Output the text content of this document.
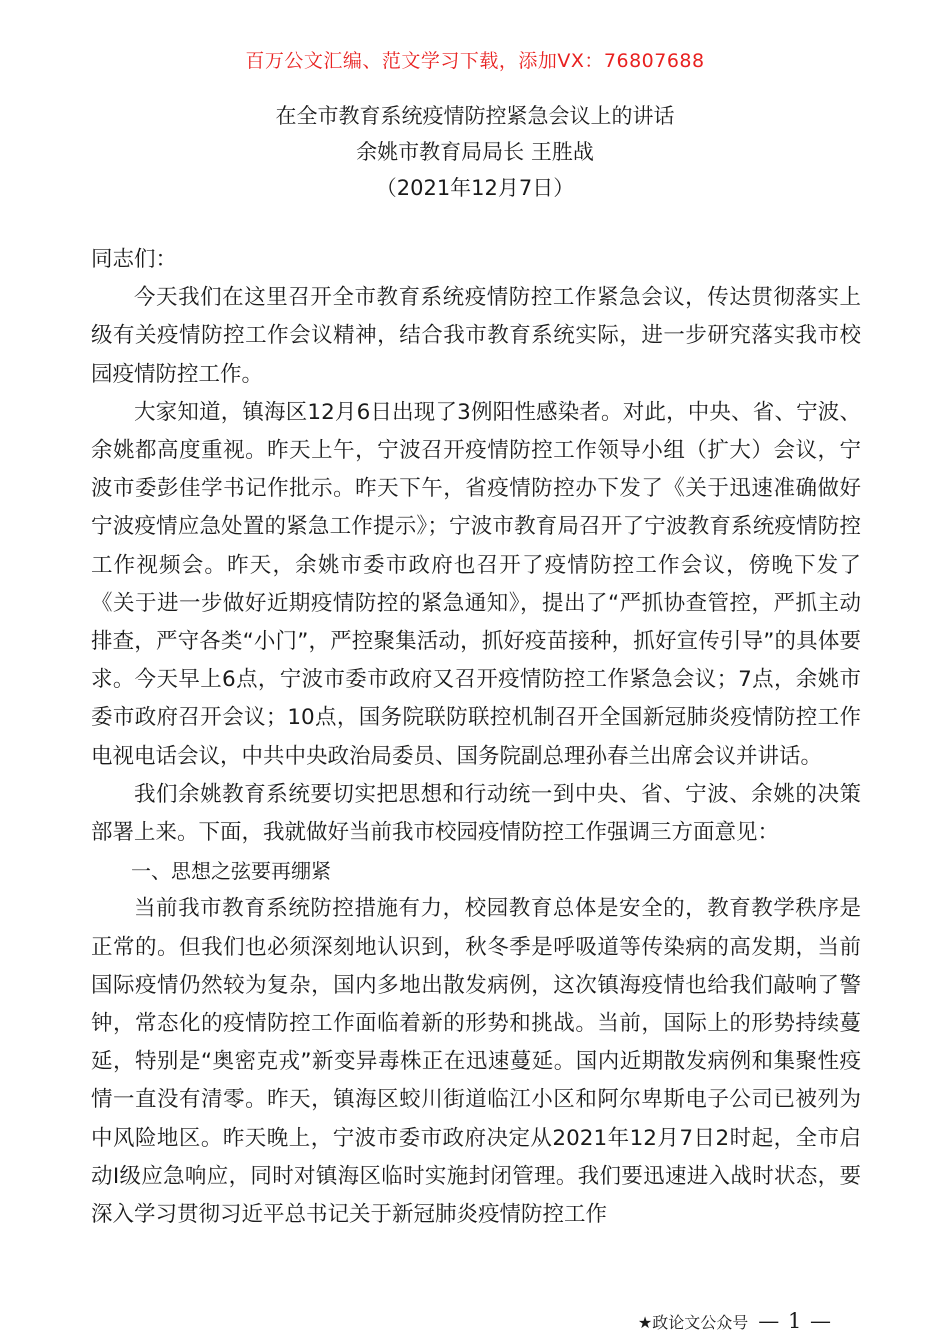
百万公文汇编、范文学习下载，添加VX：76807688
在全市教育系统疫情防控紧急会议上的讲话
余姚市教育局局长 王胜战
（2021年12月7日）

同志们：

今天我们在这里召开全市教育系统疫情防控工作紧急会议，传达贯彻落实上级有关疫情防控工作会议精神，结合我市教育系统实际，进一步研究落实我市校园疫情防控工作。

大家知道，镇海区12月6日出现了3例阳性感染者。对此，中央、省、宁波、余姚都高度重视。昨天上午，宁波召开疫情防控工作领导小组（扩大）会议，宁波市委彭佳学书记作批示。昨天下午，省疫情防控办下发了《关于迅速准确做好宁波疫情应急处置的紧急工作提示》；宁波市教育局召开了宁波教育系统疫情防控工作视频会。昨天，余姚市委市政府也召开了疫情防控工作会议，傍晚下发了《关于进一步做好近期疫情防控的紧急通知》，提出了“严抓协查管控，严抓主动排查，严守各类“小门”，严控聚集活动，抓好疫苗接种，抓好宣传引导”的具体要求。今天早上6点，宁波市委市政府又召开疫情防控工作紧急会议；7点，余姚市委市政府召开会议；10点，国务院联防联控机制召开全国新冠肺炎疫情防控工作电视电话会议，中共中央政治局委员、国务院副总理孙春兰出席会议并讲话。

我们余姚教育系统要切实把思想和行动统一到中央、省、宁波、余姚的决策部署上来。下面，我就做好当前我市校园疫情防控工作强调三方面意见：

一、思想之弦要再绷紧

当前我市教育系统防控措施有力，校园教育总体是安全的，教育教学秩序是正常的。但我们也必须深刻地认识到，秋冬季是呼吸道等传染病的高发期，当前国际疫情仍然较为复杂，国内多地出散发病例，这次镇海疫情也给我们敲响了警钟，常态化的疫情防控工作面临着新的形势和挑战。当前，国际上的形势持续蔓延，特别是“奥密克戎”新变异毒株正在迅速蔓延。国内近期散发病例和集聚性疫情一直没有清零。昨天，镇海区蛟川街道临江小区和阿尔卑斯电子公司已被列为中风险地区。昨天晚上，宁波市委市政府决定从2021年12月7日2时起，全市启动Ⅰ级应急响应，同时对镇海区临时实施封闭管理。我们要迅速进入战时状态，要深入学习贯彻习近平总书记关于新冠肺炎疫情防控工作

★政论文公众号 — 1 —
